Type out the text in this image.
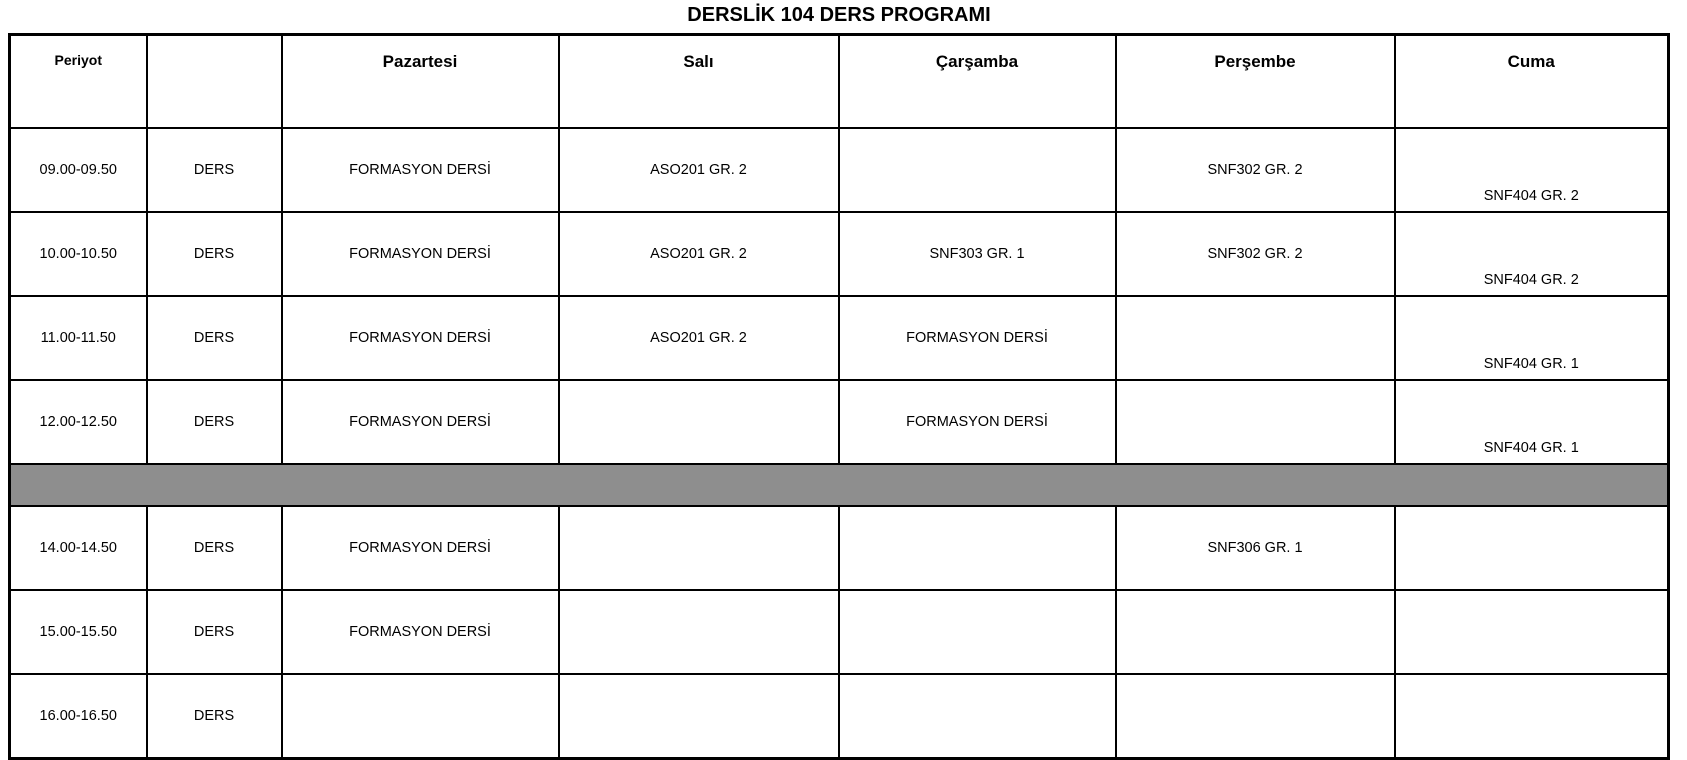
DERSLİK 104 DERS PROGRAMI
Periyot		Pazartesi	Salı	Çarşamba	Perşembe	Cuma
09.00-09.50	DERS	FORMASYON DERSİ	ASO201 GR. 2		SNF302 GR. 2	SNF404 GR. 2
10.00-10.50	DERS	FORMASYON DERSİ	ASO201 GR. 2	SNF303 GR. 1	SNF302 GR. 2	SNF404 GR. 2
11.00-11.50	DERS	FORMASYON DERSİ	ASO201 GR. 2	FORMASYON DERSİ		SNF404 GR. 1
12.00-12.50	DERS	FORMASYON DERSİ		FORMASYON DERSİ		SNF404 GR. 1

14.00-14.50	DERS	FORMASYON DERSİ			SNF306 GR. 1	
15.00-15.50	DERS	FORMASYON DERSİ				
16.00-16.50	DERS					
